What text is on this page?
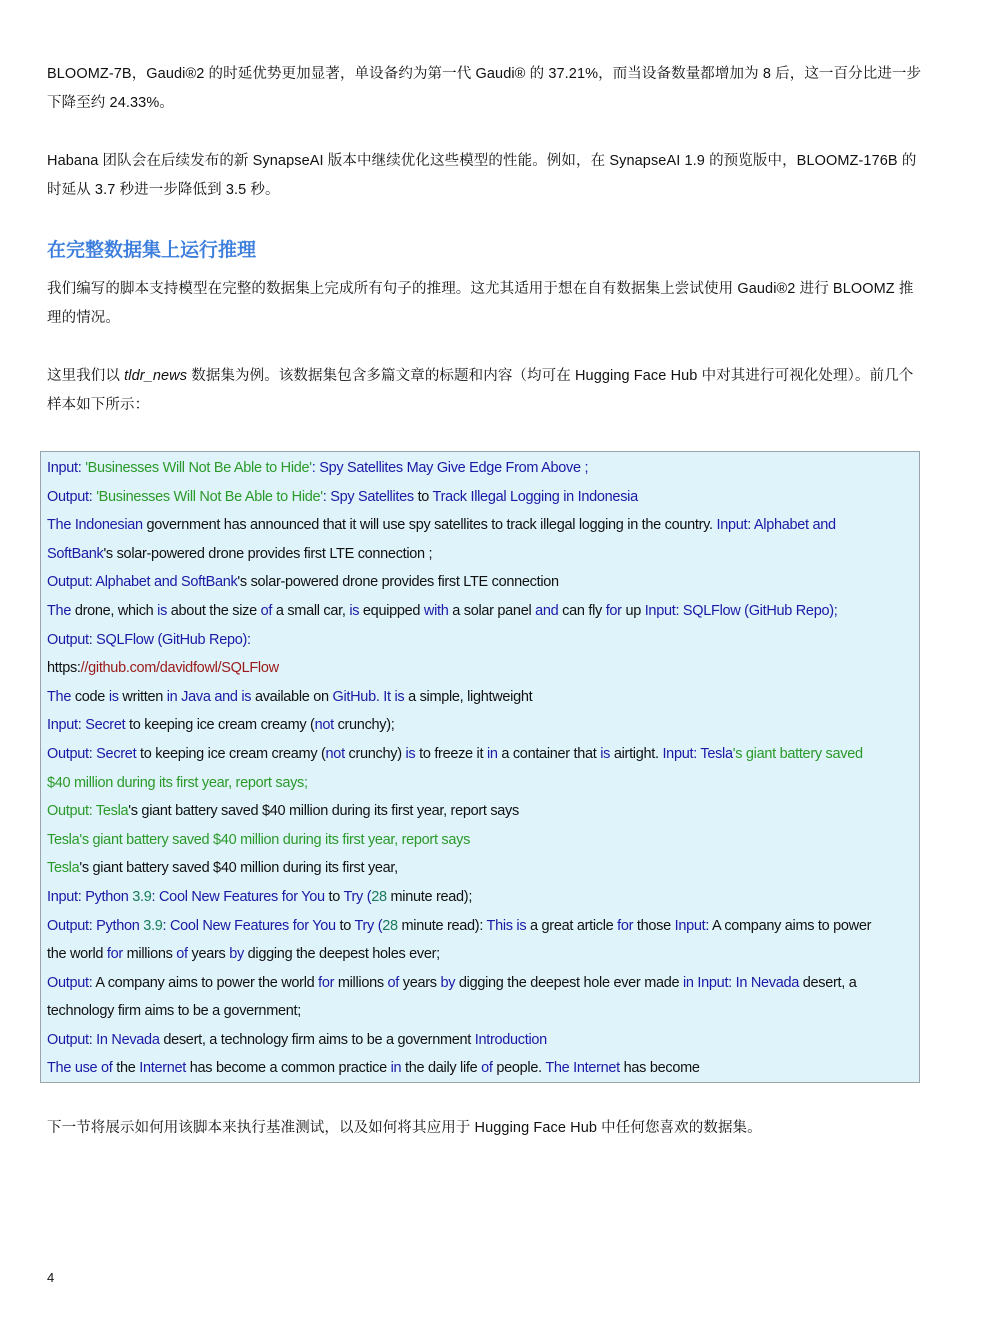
BLOOMZ-7B，Gaudi®2 的时延优势更加显著，单设备约为第一代 Gaudi® 的 37.21%，而当设备数量都增加为 8 后，这一百分比进一步下降至约 24.33%。
Habana 团队会在后续发布的新 SynapseAI 版本中继续优化这些模型的性能。例如，在 SynapseAI 1.9 的预览版中，BLOOMZ-176B 的时延从 3.7 秒进一步降低到 3.5 秒。
在完整数据集上运行推理
我们编写的脚本支持模型在完整的数据集上完成所有句子的推理。这尤其适用于想在自有数据集上尝试使用 Gaudi®2 进行 BLOOMZ 推理的情况。
这里我们以 tldr_news 数据集为例。该数据集包含多篇文章的标题和内容（均可在 Hugging Face Hub 中对其进行可视化处理）。前几个样本如下所示：
Input: 'Businesses Will Not Be Able to Hide': Spy Satellites May Give Edge From Above ;
Output: 'Businesses Will Not Be Able to Hide': Spy Satellites to Track Illegal Logging in Indonesia
The Indonesian government has announced that it will use spy satellites to track illegal logging in the country. Input: Alphabet and
SoftBank's solar-powered drone provides first LTE connection ;
Output: Alphabet and SoftBank's solar-powered drone provides first LTE connection
The drone, which is about the size of a small car, is equipped with a solar panel and can fly for up Input: SQLFlow (GitHub Repo);
Output: SQLFlow (GitHub Repo):
https://github.com/davidfowl/SQLFlow
The code is written in Java and is available on GitHub. It is a simple, lightweight
Input: Secret to keeping ice cream creamy (not crunchy);
Output: Secret to keeping ice cream creamy (not crunchy) is to freeze it in a container that is airtight. Input: Tesla's giant battery saved
$40 million during its first year, report says;
Output: Tesla's giant battery saved $40 million during its first year, report says
Tesla's giant battery saved $40 million during its first year, report says
Tesla's giant battery saved $40 million during its first year,
Input: Python 3.9: Cool New Features for You to Try (28 minute read);
Output: Python 3.9: Cool New Features for You to Try (28 minute read): This is a great article for those Input: A company aims to power
the world for millions of years by digging the deepest holes ever;
Output: A company aims to power the world for millions of years by digging the deepest hole ever made in Input: In Nevada desert, a
technology firm aims to be a government;
Output: In Nevada desert, a technology firm aims to be a government Introduction
The use of the Internet has become a common practice in the daily life of people. The Internet has become
下一节将展示如何用该脚本来执行基准测试，以及如何将其应用于 Hugging Face Hub 中任何您喜欢的数据集。
4
